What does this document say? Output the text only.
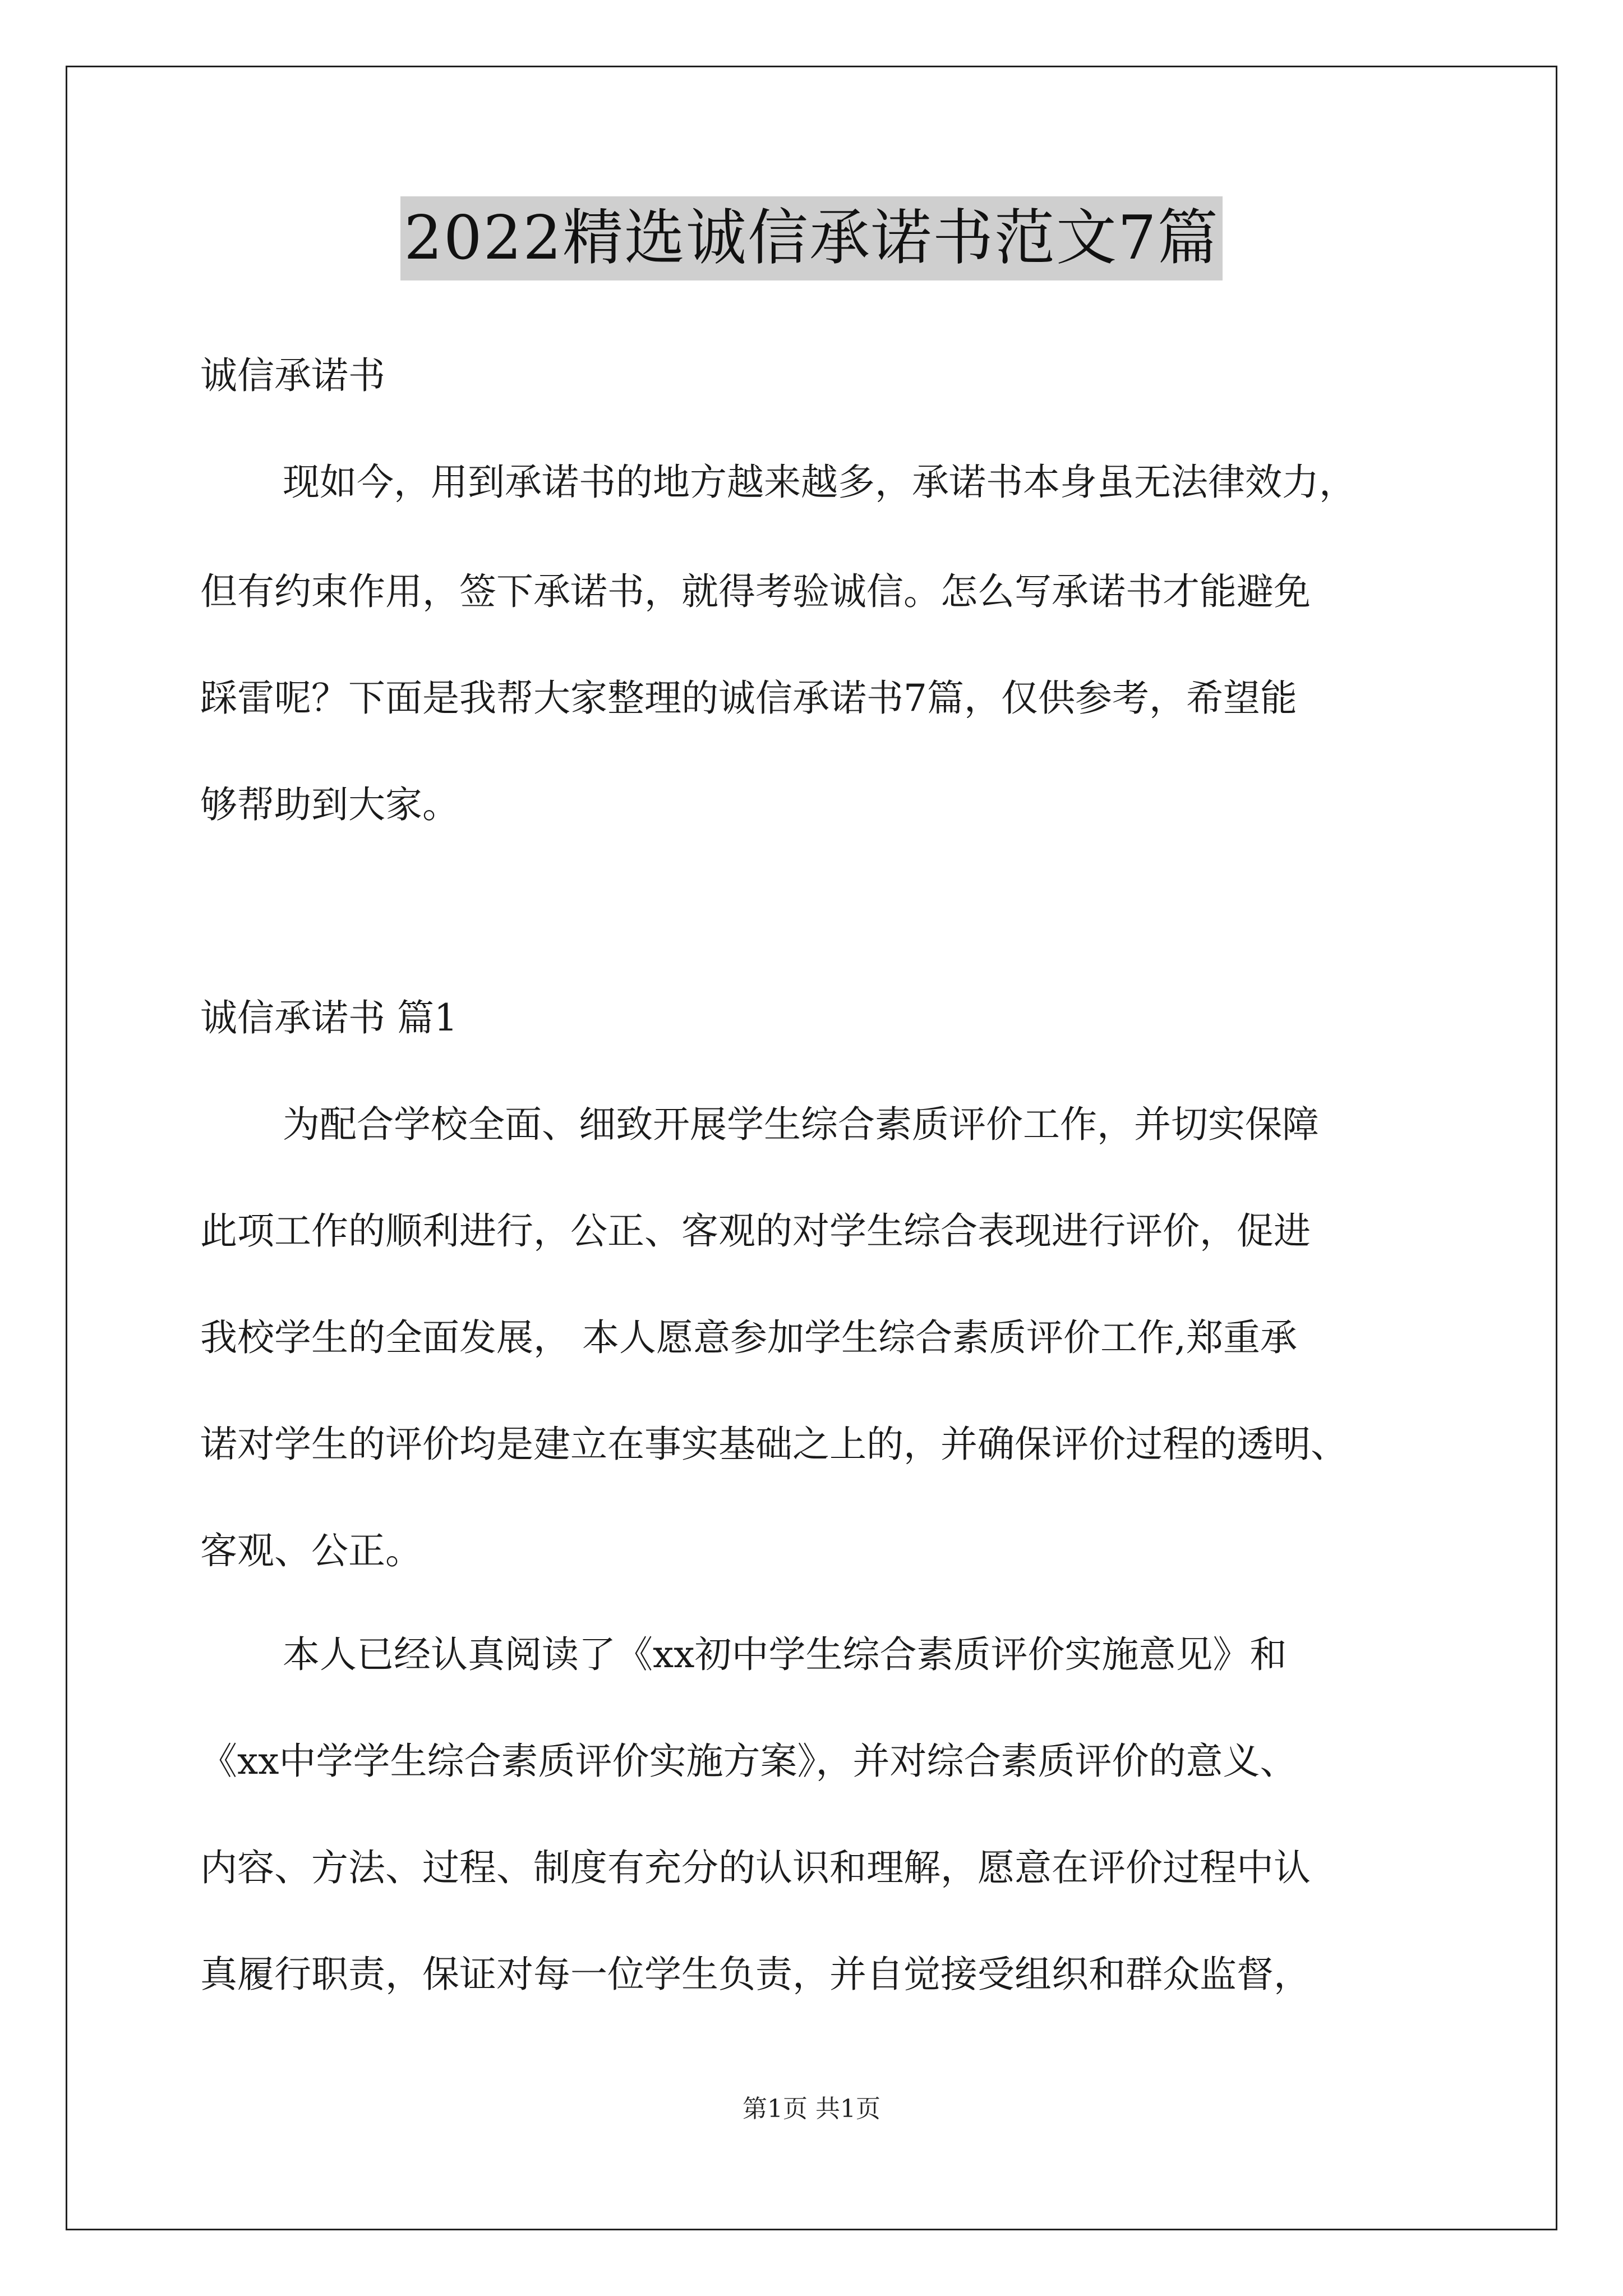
2022精选诚信承诺书范文7篇
诚信承诺书
现如今，用到承诺书的地方越来越多，承诺书本身虽无法律效力，
但有约束作用，签下承诺书，就得考验诚信。怎么写承诺书才能避免
踩雷呢？下面是我帮大家整理的诚信承诺书7篇，仅供参考，希望能
够帮助到大家。
诚信承诺书 篇1
为配合学校全面、细致开展学生综合素质评价工作，并切实保障
此项工作的顺利进行，公正、客观的对学生综合表现进行评价，促进
我校学生的全面发展， 本人愿意参加学生综合素质评价工作,郑重承
诺对学生的评价均是建立在事实基础之上的，并确保评价过程的透明、
客观、公正。
本人已经认真阅读了《xx初中学生综合素质评价实施意见》和
《xx中学学生综合素质评价实施方案》，并对综合素质评价的意义、
内容、方法、过程、制度有充分的认识和理解，愿意在评价过程中认
真履行职责，保证对每一位学生负责，并自觉接受组织和群众监督，
第1页 共1页
